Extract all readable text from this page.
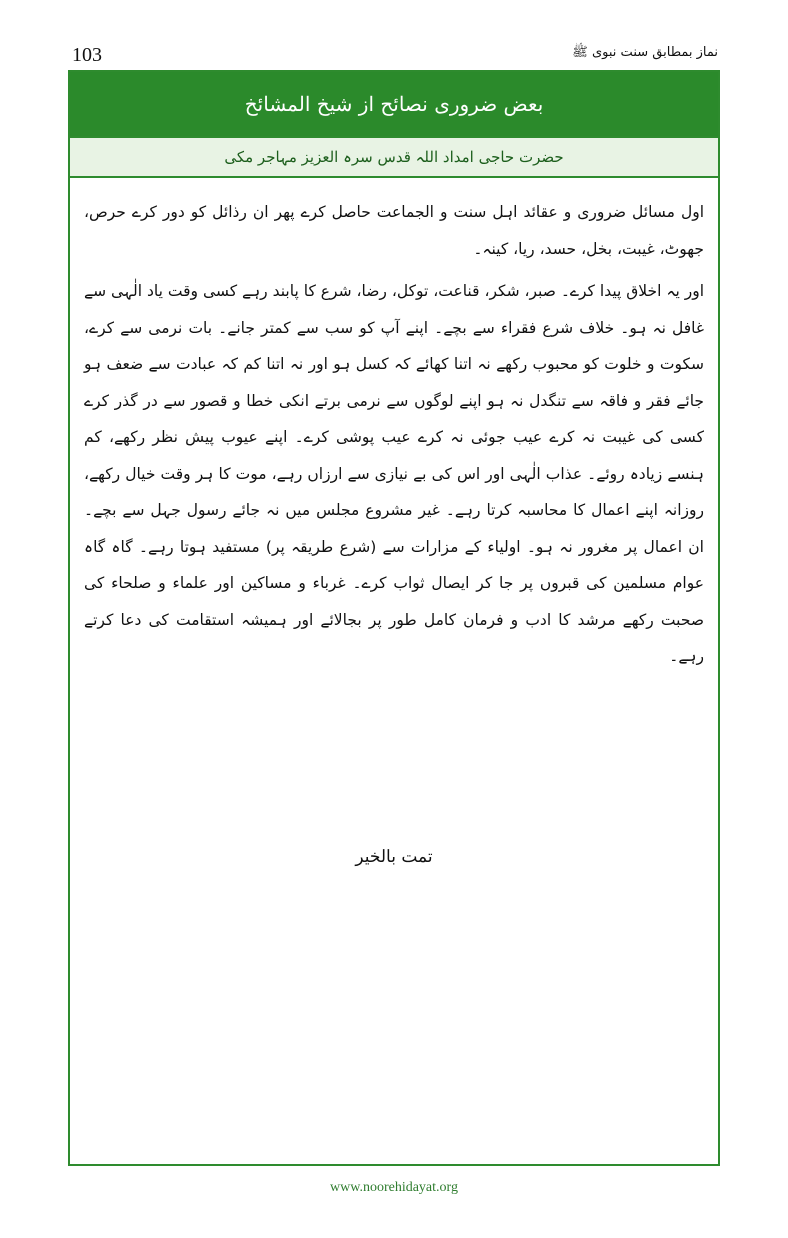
103	نماز بمطابق سنت نبوی ﷺ
بعض ضروری نصائح از شیخ المشائخ
حضرت حاجی امداد اللہ قدس سرہ العزیز مہاجر مکی

اول مسائل ضروری و عقائد اہل سنت و الجماعت حاصل کرے پھر ان رذائل کو دور کرے حرص، جھوٹ، غیبت، بخل، حسد، ریا، کینہ۔

اور یہ اخلاق پیدا کرے۔ صبر، شکر، قناعت، توکل، رضا، شرع کا پابند رہے کسی وقت یاد الٰہی سے غافل نہ ہو۔ خلاف شرع فقراء سے بچے۔ اپنے آپ کو سب سے کمتر جانے۔ بات نرمی سے کرے، سکوت و خلوت کو محبوب رکھے نہ اتنا کھائے کہ کسل ہو اور نہ اتنا کم کہ عبادت سے ضعف ہو جائے فقر و فاقہ سے تنگدل نہ ہو اپنے لوگوں سے نرمی برتے انکی خطا و قصور سے در گذر کرے کسی کی غیبت نہ کرے عیب جوئی نہ کرے عیب پوشی کرے۔ اپنے عیوب پیش نظر رکھے، کم ہنسے زیادہ روئے۔ عذاب الٰہی اور اس کی بے نیازی سے ارزاں رہے، موت کا ہر وقت خیال رکھے، روزانہ اپنے اعمال کا محاسبہ کرتا رہے۔ غیر مشروع مجلس میں نہ جائے رسول جہل سے بچے۔ ان اعمال پر مغرور نہ ہو۔ اولیاء کے مزارات سے (شرع طریقہ پر) مستفید ہوتا رہے۔ گاہ گاہ عوام مسلمین کی قبروں پر جا کر ایصال ثواب کرے۔ غرباء و مساکین اور علماء و صلحاء کی صحبت رکھے مرشد کا ادب و فرمان کامل طور پر بجالائے اور ہمیشہ استقامت کی دعا کرتے رہے۔

تمت بالخیر
www.noorehidayat.org
